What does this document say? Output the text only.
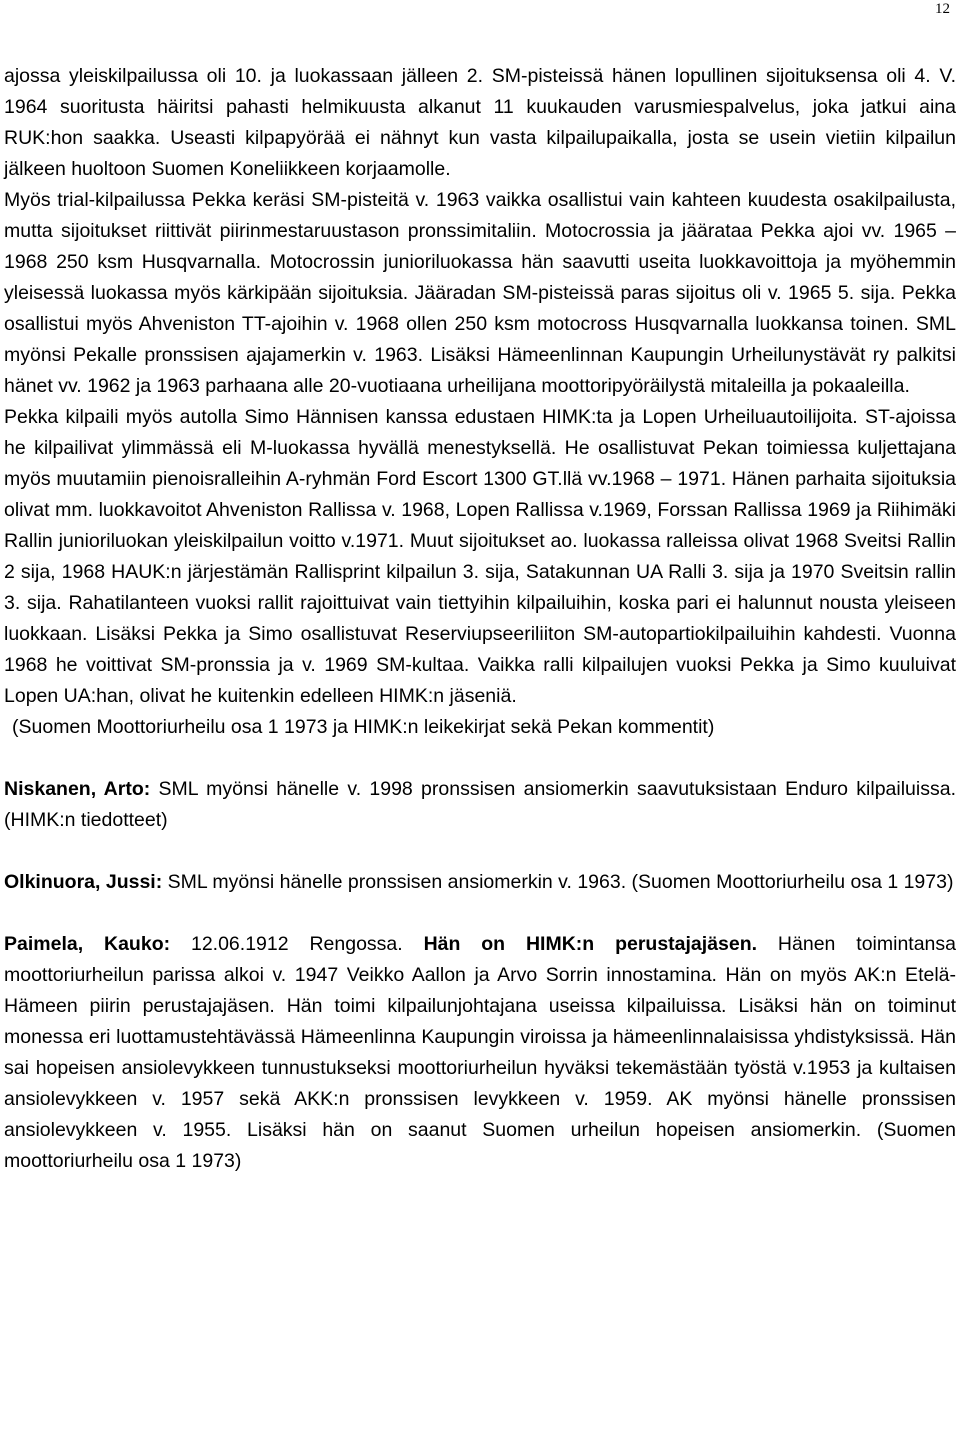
12

ajossa yleiskilpailussa oli 10. ja luokassaan jälleen 2. SM-pisteissä hänen lopullinen sijoituksensa oli 4. V. 1964 suoritusta häiritsi pahasti helmikuusta alkanut 11 kuukauden varusmiespalvelus, joka jatkui aina RUK:hon saakka. Useasti kilpapyörää ei nähnyt kun vasta kilpailupaikalla, josta se usein vietiin kilpailun jälkeen huoltoon Suomen Koneliikkeen korjaamolle.

Myös trial-kilpailussa Pekka keräsi SM-pisteitä v. 1963 vaikka osallistui vain kahteen kuudesta osakilpailusta, mutta sijoitukset riittivät piirinmestaruustason pronssimitaliin. Motocrossia ja jäärataa Pekka ajoi vv. 1965 – 1968 250 ksm Husqvarnalla. Motocrossin junioriluokassa hän saavutti useita luokkavoittoja ja myöhemmin yleisessä luokassa myös kärkipään sijoituksia. Jääradan SM-pisteissä paras sijoitus oli v. 1965 5. sija. Pekka osallistui myös Ahveniston TT-ajoihin v. 1968 ollen 250 ksm motocross Husqvarnalla luokkansa toinen. SML myönsi Pekalle pronssisen ajajamerkin v. 1963. Lisäksi Hämeenlinnan Kaupungin Urheilunystävät ry palkitsi hänet vv. 1962 ja 1963 parhaana alle 20-vuotiaana urheilijana moottoripyöräilystä mitaleilla ja pokaaleilla.

Pekka kilpaili myös autolla Simo Hännisen kanssa edustaen HIMK:ta ja Lopen Urheiluautoilijoita. ST-ajoissa he kilpailivat ylimmässä eli M-luokassa hyvällä menestyksellä. He osallistuvat Pekan toimiessa kuljettajana myös muutamiin pienoisralleihin A-ryhmän Ford Escort 1300 GT.llä vv.1968 – 1971. Hänen parhaita sijoituksia olivat mm. luokkavoitot Ahveniston Rallissa v. 1968, Lopen Rallissa v.1969, Forssan Rallissa 1969 ja Riihimäki Rallin junioriluokan yleiskilpailun voitto v.1971. Muut sijoitukset ao. luokassa ralleissa olivat 1968 Sveitsi Rallin 2 sija, 1968 HAUK:n järjestämän Rallisprint kilpailun 3. sija, Satakunnan UA Ralli 3. sija ja 1970 Sveitsin rallin 3. sija. Rahatilanteen vuoksi rallit rajoittuivat vain tiettyihin kilpailuihin, koska pari ei halunnut nousta yleiseen luokkaan. Lisäksi Pekka ja Simo osallistuvat Reserviupseeriliiton SM-autopartiokilpailuihin kahdesti. Vuonna 1968 he voittivat SM-pronssia ja v. 1969 SM-kultaa. Vaikka ralli kilpailujen vuoksi Pekka ja Simo kuuluivat Lopen UA:han, olivat he kuitenkin edelleen HIMK:n jäseniä.

(Suomen Moottoriurheilu osa 1 1973 ja HIMK:n leikekirjat sekä Pekan kommentit)

Niskanen, Arto: SML myönsi hänelle v. 1998 pronssisen ansiomerkin saavutuksistaan Enduro kilpailuissa. (HIMK:n tiedotteet)

Olkinuora, Jussi: SML myönsi hänelle pronssisen ansiomerkin v. 1963. (Suomen Moottoriurheilu osa 1 1973)

Paimela, Kauko: 12.06.1912 Rengossa. Hän on HIMK:n perustajajäsen. Hänen toimintansa moottoriurheilun parissa alkoi v. 1947 Veikko Aallon ja Arvo Sorrin innostamina. Hän on myös AK:n Etelä-Hämeen piirin perustajajäsen. Hän toimi kilpailunjohtajana useissa kilpailuissa. Lisäksi hän on toiminut monessa eri luottamustehtävässä Hämeenlinna Kaupungin viroissa ja hämeenlinnalaisissa yhdistyksissä. Hän sai hopeisen ansiolevykkeen tunnustukseksi moottoriurheilun hyväksi tekemästään työstä v.1953 ja kultaisen ansiolevykkeen v. 1957 sekä AKK:n pronssisen levykkeen v. 1959. AK myönsi hänelle pronssisen ansiolevykkeen v. 1955. Lisäksi hän on saanut Suomen urheilun hopeisen ansiomerkin. (Suomen moottoriurheilu osa 1 1973)
